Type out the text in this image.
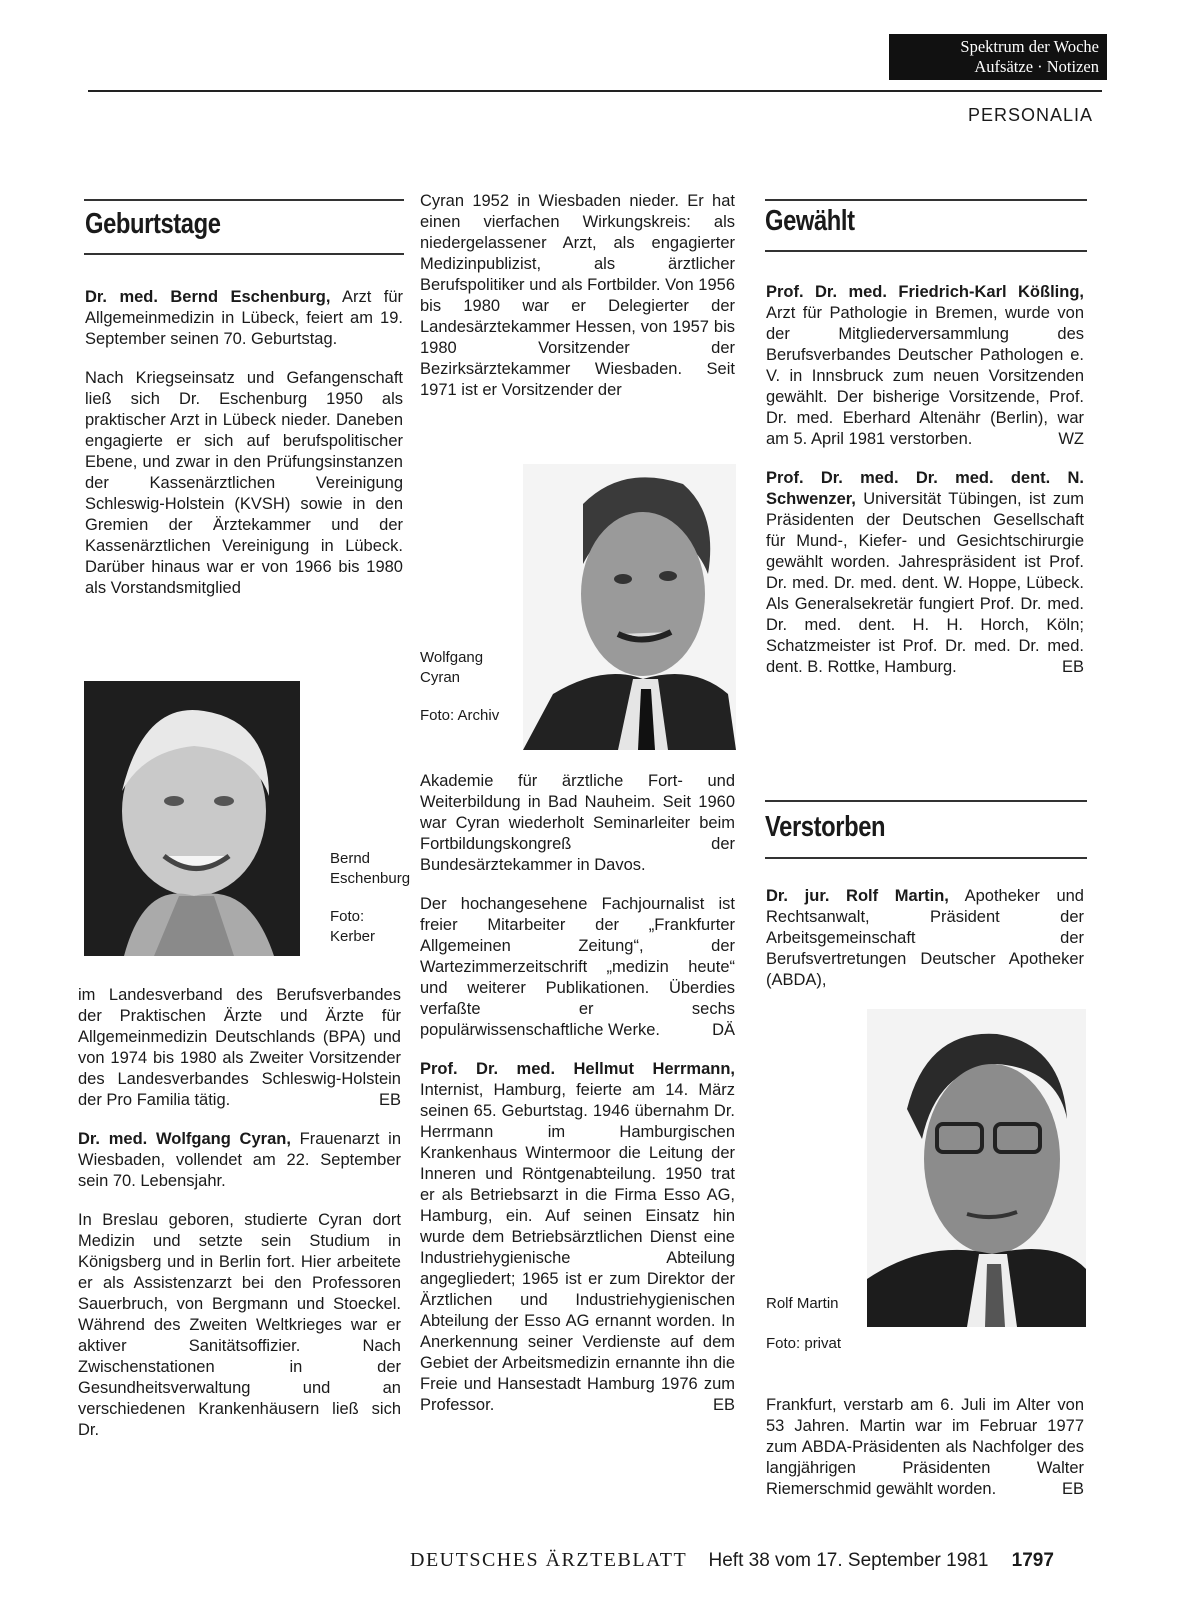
Spektrum der Woche
Aufsätze · Notizen
PERSONALIA
Geburtstage

Dr. med. Bernd Eschenburg, Arzt für Allgemeinmedizin in Lübeck, feiert am 19. September seinen 70. Geburtstag.

Nach Kriegseinsatz und Gefangenschaft ließ sich Dr. Eschenburg 1950 als praktischer Arzt in Lübeck nieder. Daneben engagierte er sich auf berufspolitischer Ebene, und zwar in den Prüfungsinstanzen der Kassenärztlichen Vereinigung Schleswig-Holstein (KVSH) sowie in den Gremien der Ärztekammer und der Kassenärztlichen Vereinigung in Lübeck. Darüber hinaus war er von 1966 bis 1980 als Vorstandsmitglied

Bernd Eschenburg
Foto: Kerber

im Landesverband des Berufsverbandes der Praktischen Ärzte und Ärzte für Allgemeinmedizin Deutschlands (BPA) und von 1974 bis 1980 als Zweiter Vorsitzender des Landesverbandes Schleswig-Holstein der Pro Familia tätig.	EB

Dr. med. Wolfgang Cyran, Frauenarzt in Wiesbaden, vollendet am 22. September sein 70. Lebensjahr.

In Breslau geboren, studierte Cyran dort Medizin und setzte sein Studium in Königsberg und in Berlin fort. Hier arbeitete er als Assistenzarzt bei den Professoren Sauerbruch, von Bergmann und Stoeckel. Während des Zweiten Weltkrieges war er aktiver Sanitätsoffizier. Nach Zwischenstationen in der Gesundheitsverwaltung und an verschiedenen Krankenhäusern ließ sich Dr.

Cyran 1952 in Wiesbaden nieder. Er hat einen vierfachen Wirkungskreis: als niedergelassener Arzt, als engagierter Medizinpublizist, als ärztlicher Berufspolitiker und als Fortbilder. Von 1956 bis 1980 war er Delegierter der Landesärztekammer Hessen, von 1957 bis 1980 Vorsitzender der Bezirksärztekammer Wiesbaden. Seit 1971 ist er Vorsitzender der

Wolfgang Cyran
Foto: Archiv

Akademie für ärztliche Fort- und Weiterbildung in Bad Nauheim. Seit 1960 war Cyran wiederholt Seminarleiter beim Fortbildungskongreß der Bundesärztekammer in Davos.

Der hochangesehene Fachjournalist ist freier Mitarbeiter der „Frankfurter Allgemeinen Zeitung“, der Wartezimmerzeitschrift „medizin heute“ und weiterer Publikationen. Überdies verfaßte er sechs populärwissenschaftliche Werke.	DÄ

Prof. Dr. med. Hellmut Herrmann, Internist, Hamburg, feierte am 14. März seinen 65. Geburtstag. 1946 übernahm Dr. Herrmann im Hamburgischen Krankenhaus Wintermoor die Leitung der Inneren und Röntgenabteilung. 1950 trat er als Betriebsarzt in die Firma Esso AG, Hamburg, ein. Auf seinen Einsatz hin wurde dem Betriebsärztlichen Dienst eine Industriehygienische Abteilung angegliedert; 1965 ist er zum Direktor der Ärztlichen und Industriehygienischen Abteilung der Esso AG ernannt worden. In Anerkennung seiner Verdienste auf dem Gebiet der Arbeitsmedizin ernannte ihn die Freie und Hansestadt Hamburg 1976 zum Professor.	EB

Gewählt

Prof. Dr. med. Friedrich-Karl Kößling, Arzt für Pathologie in Bremen, wurde von der Mitgliederversammlung des Berufsverbandes Deutscher Pathologen e. V. in Innsbruck zum neuen Vorsitzenden gewählt. Der bisherige Vorsitzende, Prof. Dr. med. Eberhard Altenähr (Berlin), war am 5. April 1981 verstorben.	WZ

Prof. Dr. med. Dr. med. dent. N. Schwenzer, Universität Tübingen, ist zum Präsidenten der Deutschen Gesellschaft für Mund-, Kiefer- und Gesichtschirurgie gewählt worden. Jahrespräsident ist Prof. Dr. med. Dr. med. dent. W. Hoppe, Lübeck. Als Generalsekretär fungiert Prof. Dr. med. Dr. med. dent. H. H. Horch, Köln; Schatzmeister ist Prof. Dr. med. Dr. med. dent. B. Rottke, Hamburg.	EB

Verstorben

Dr. jur. Rolf Martin, Apotheker und Rechtsanwalt, Präsident der Arbeitsgemeinschaft der Berufsvertretungen Deutscher Apotheker (ABDA),

Rolf Martin
Foto: privat

Frankfurt, verstarb am 6. Juli im Alter von 53 Jahren. Martin war im Februar 1977 zum ABDA-Präsidenten als Nachfolger des langjährigen Präsidenten Walter Riemerschmid gewählt worden.	EB

DEUTSCHES ÄRZTEBLATT Heft 38 vom 17. September 1981 1797
